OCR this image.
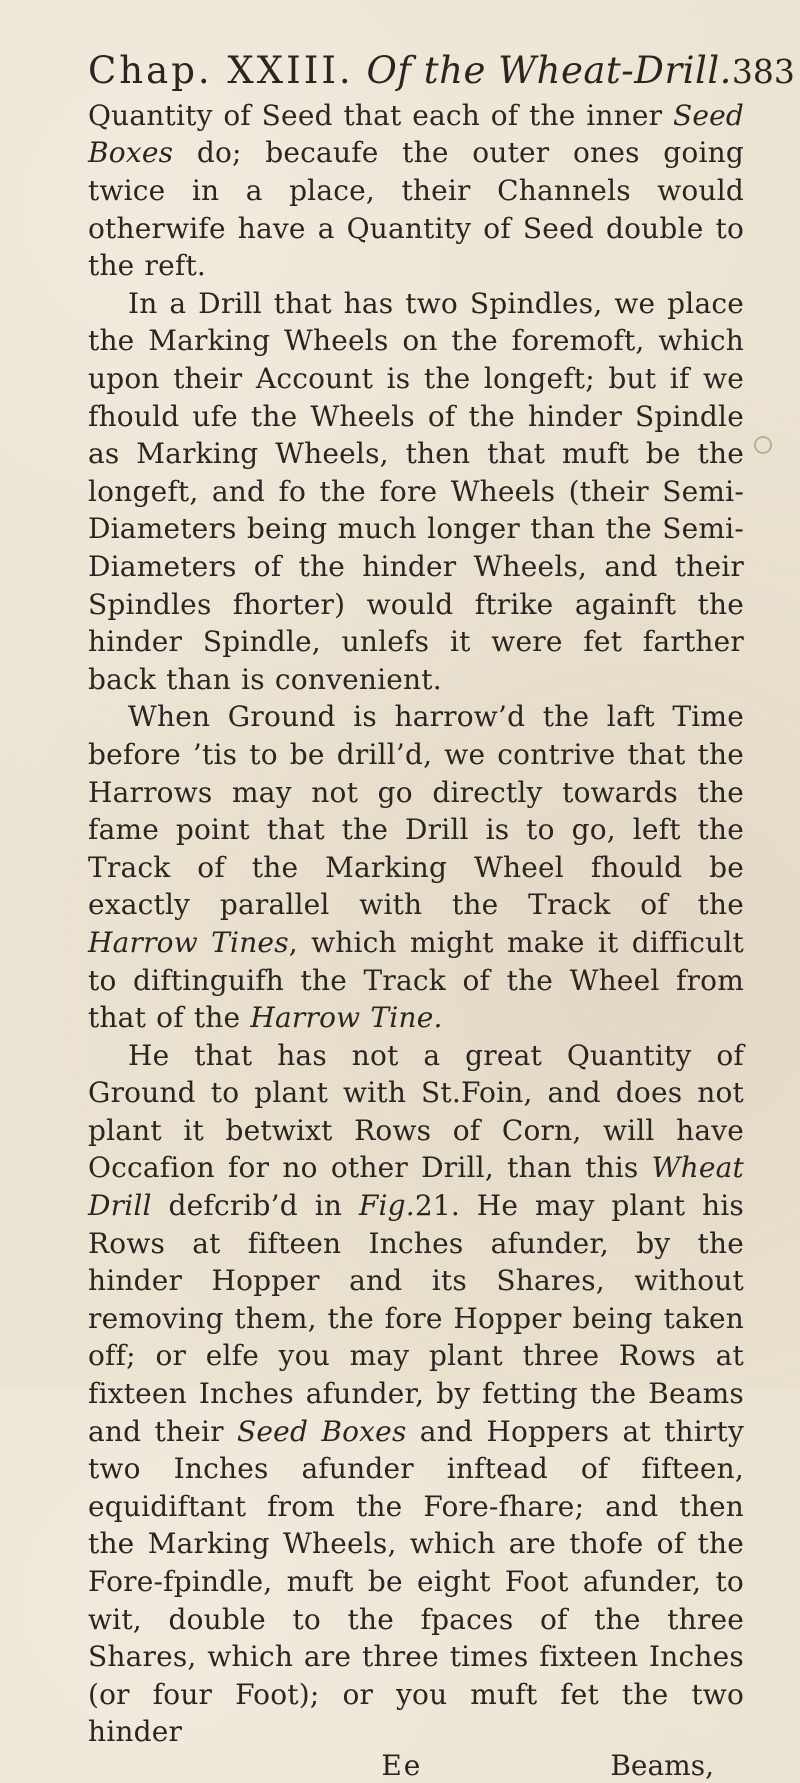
Chap. XXIII. Of the Wheat-Drill. 383

Quantity of Seed that each of the inner Seed Boxes do; becaufe the outer ones going twice in a place, their Channels would otherwife have a Quantity of Seed double to the reft.

In a Drill that has two Spindles, we place the Marking Wheels on the foremoft, which upon their Account is the longeft; but if we fhould ufe the Wheels of the hinder Spindle as Marking Wheels, then that muft be the longeft, and fo the fore Wheels (their Semi-Diameters being much longer than the Semi-Diameters of the hinder Wheels, and their Spindles fhorter) would ftrike againft the hinder Spindle, unlefs it were fet farther back than is convenient.

When Ground is harrow’d the laft Time before ’tis to be drill’d, we contrive that the Harrows may not go directly towards the fame point that the Drill is to go, left the Track of the Marking Wheel fhould be exactly parallel with the Track of the Harrow Tines, which might make it difficult to diftinguifh the Track of the Wheel from that of the Harrow Tine.

He that has not a great Quantity of Ground to plant with St.Foin, and does not plant it betwixt Rows of Corn, will have Occafion for no other Drill, than this Wheat Drill defcrib’d in Fig.21. He may plant his Rows at fifteen Inches afunder, by the hinder Hopper and its Shares, without removing them, the fore Hopper being taken off; or elfe you may plant three Rows at fixteen Inches afunder, by fetting the Beams and their Seed Boxes and Hoppers at thirty two Inches afunder inftead of fifteen, equidiftant from the Fore-fhare; and then the Marking Wheels, which are thofe of the Fore-fpindle, muft be eight Foot afunder, to wit, double to the fpaces of the three Shares, which are three times fixteen Inches (or four Foot); or you muft fet the two hinder

Ee	Beams,
